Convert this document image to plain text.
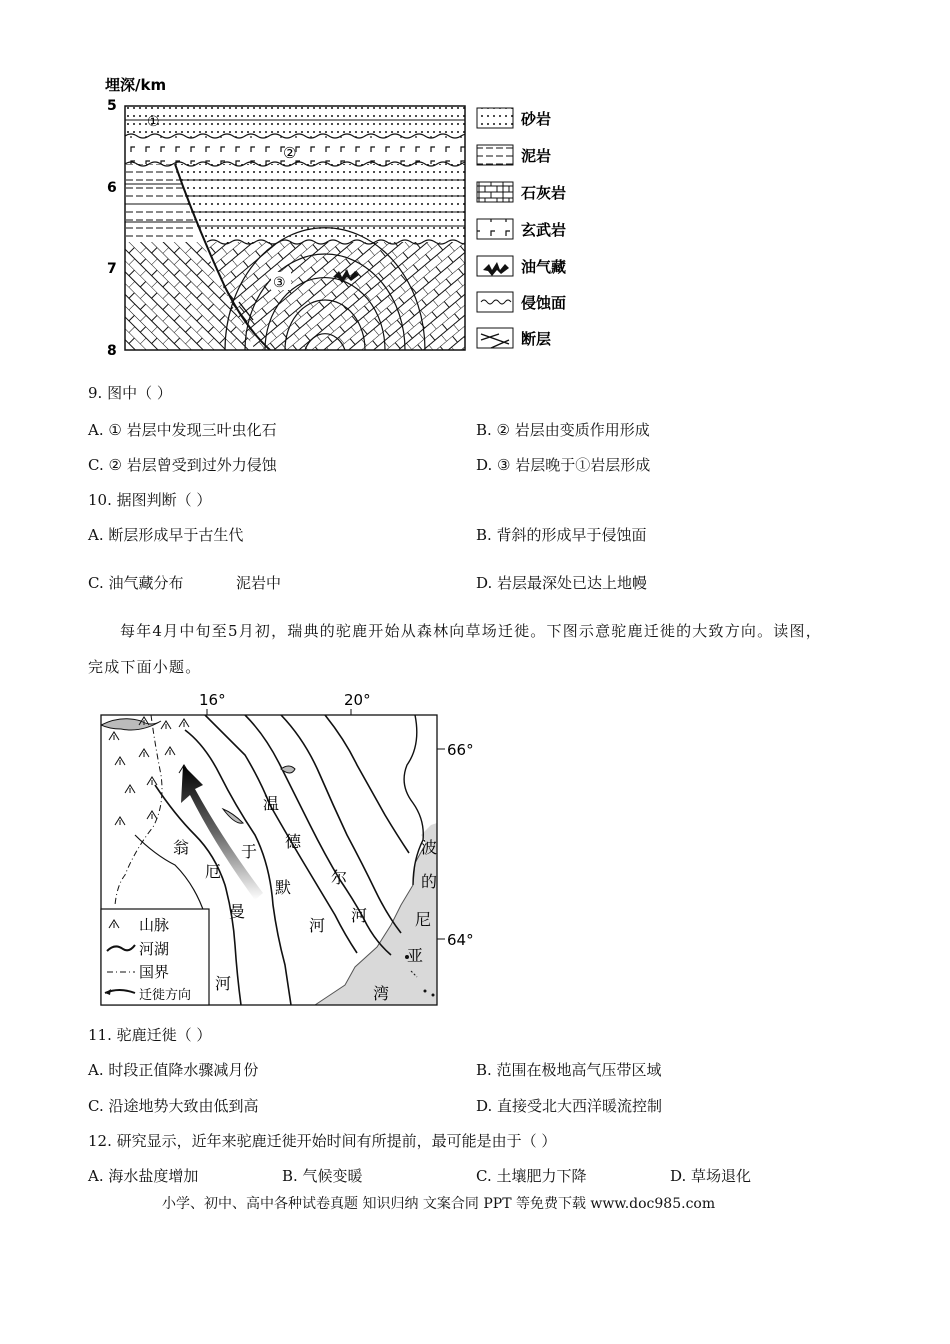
埋深/km
5
6
7
8
①
②
③
砂岩
泥岩
石灰岩
玄武岩
油气藏
侵蚀面
断层
9. 图中（ ）
A. ① 岩层中发现三叶虫化石	B. ② 岩层由变质作用形成
C. ② 岩层曾受到过外力侵蚀	D. ③ 岩层晚于①岩层形成
10. 据图判断（ ）
A. 断层形成早于古生代	B. 背斜的形成早于侵蚀面
C. 油气藏分布	泥岩中	D. 岩层最深处已达上地幔
每年4月中旬至5月初，瑞典的驼鹿开始从森林向草场迁徙。下图示意驼鹿迁徙的大致方向。读图，
完成下面小题。
16°	20°
66°
64°
温
德
尔
河
于
默
河
翁
厄
曼
河
波
的
尼
亚
湾
山脉
河湖
国界
迁徙方向
11. 驼鹿迁徙（ ）
A. 时段正值降水骤减月份	B. 范围在极地高气压带区域
C. 沿途地势大致由低到高	D. 直接受北大西洋暖流控制
12. 研究显示，近年来驼鹿迁徙开始时间有所提前，最可能是由于（ ）
A. 海水盐度增加	B. 气候变暖	C. 土壤肥力下降	D. 草场退化
小学、初中、高中各种试卷真题 知识归纳 文案合同 PPT 等免费下载 www.doc985.com
